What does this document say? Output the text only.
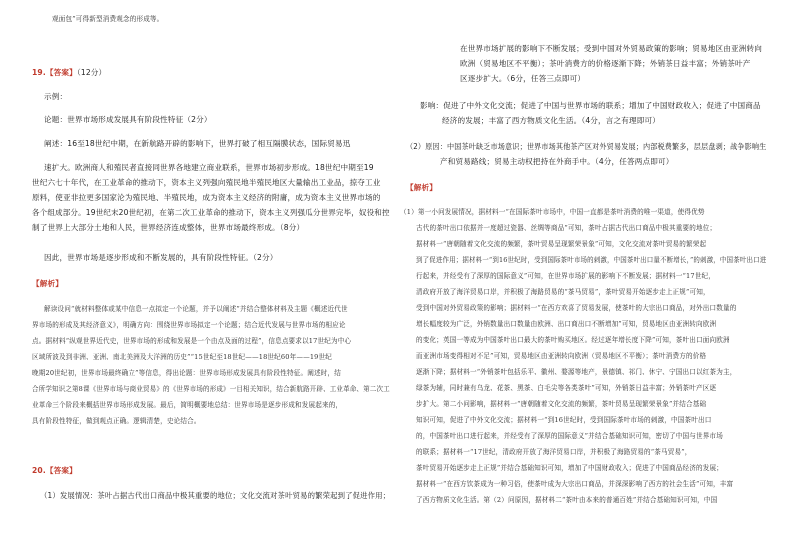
观面包”可得新型消费观念的形成等。
19.【答案】（12分）
示例：
论题：世界市场形成发展具有阶段性特征（2分）
阐述：16至18世纪中期，在新航路开辟的影响下，世界打破了相互隔膜状态，国际贸易迅
速扩大。欧洲商人和殖民者直接同世界各地建立商业联系，世界市场初步形成。18世纪中期至19
世纪六七十年代，在工业革命的推动下，资本主义列强向殖民地半殖民地区大量输出工业品，掠夺工业
原料，使亚非拉更多国家沦为殖民地、半殖民地，成为资本主义经济的附庸，成为资本主义世界市场的
各个组成部分。19世纪末20世纪初，在第二次工业革命的推动下，资本主义列强瓜分世界完毕，奴役和控
制了世界上大部分土地和人民，世界经济连成整体，世界市场最终形成。（8分）
因此，世界市场是逐步形成和不断发展的，具有阶段性特征。（2分）
【解析】
解读设问“就材料整体或某中信息一点拟定一个论题，并予以阐述”并结合整体材料及主题《概述近代世
界市场的形成及其经济意义》，明确方向：围绕世界市场拟定一个论题；结合近代发展与世界市场的相应论
点。据材料“纵观世界近代史，世界市场的形成和发展是一个由点及面的过程”，信息点要求以17世纪为中心
区域所波及到非洲、亚洲、南北美洲及大洋洲的历史”“15世纪至18世纪——18世纪60年——19世纪
晚期20世纪初，世界市场最终确立”等信息，得出论题：世界市场形成发展具有阶段性特征。阐述时，结
合所学知识之第8课《世界市场与商业贸易》的《世界市场的形成》一目相关知识，结合新航路开辟、工业革命、第二次工
业革命三个阶段来概括世界市场形成发展。最后，简明概要地总结：世界市场是逐步形成和发展起来的，
具有阶段性特征，做到观点正确。逻辑清楚，史论结合。
20.【答案】
（1）发展情况：茶叶占据古代出口商品中极其重要的地位；文化交流对茶叶贸易的繁荣起到了促进作用；
在世界市场扩展的影响下不断发展；受到中国对外贸易政策的影响；贸易地区由亚洲转向
欧洲（贸易地区不平衡）；茶叶消费方的价格逐渐下降；外销茶日益丰富；外销茶叶产
区逐步扩大。（6分，任答三点即可）
影响：促进了中外文化交流；促进了中国与世界市场的联系；增加了中国财政收入；促进了中国商品
经济的发展；丰富了西方物质文化生活。（4分，言之有理即可）
（2）原因：中国茶叶缺乏市场意识；世界市场其他茶产区对外贸易发展；内部税费繁多，层层盘剥；战争影响生
产和贸易路线；贸易主动权把持在外商手中。（4分，任答两点即可）
【解析】
（1）第一小问发展情况，据材料一“在国际茶叶市场中，中国一直都是茶叶消费的唯一渠道，使得优势
古代的茶叶出口依据并一度超过瓷器、丝绸等商品”可知，茶叶占据古代出口商品中极其重要的地位；
据材料一“唐朝随着文化交流的频繁，茶叶贸易呈现繁荣景象”可知，文化交流对茶叶贸易的繁荣起
到了促进作用；据材料一“到16世纪时，受到国际茶叶市场的刺激，中国茶叶出口量不断增长，”的刺激，中国茶叶出口进
行起来，并经受有了深厚的国际意义”可知，在世界市场扩展的影响下不断发展；据材料一“17世纪，
清政府开放了海洋贸易口岸，并积极了海路贸易的“茶马贸易”，茶叶贸易开始逐步走上正规”可知，
受到中国对外贸易政策的影响；据材料一“在西方欢喜了贸易发展，使茶叶的大宗出口商品，对外出口数量的
增长幅度较为广泛，外销数量出口数量由欧洲、出口商出口不断增加”可知，贸易地区由亚洲转向欧洲
的变化；英国一等成为中国茶叶出口最大的茶叶购买地区。经过逐年增长度下降”可知，茶叶出口面向欧洲
而亚洲市场变得相对不足”可知，贸易地区由亚洲转向欧洲（贸易地区不平衡）；茶叶消费方的价格
逐渐下降；据材料一“外销茶叶包括乐平、徽州、婺源等地产，景德镇、祁门、休宁、宁国出口以红茶为主，
绿茶为辅，同时兼有乌龙、花茶、黑茶、白毛尖等各类茶叶”可知，外销茶日益丰富；外销茶叶产区逐
步扩大。第二小问影响，据材料一“唐朝随着文化交流的频繁，茶叶贸易呈现繁荣景象”并结合基础
知识可知，促进了中外文化交流；据材料一“到16世纪时，受到国际茶叶市场的刺激，中国茶叶出口
的，中国茶叶出口进行起来，并经受有了深厚的国际意义”并结合基础知识可知，密切了中国与世界市场
的联系；据材料一“17世纪，清政府开放了海洋贸易口岸，并积极了海路贸易的“茶马贸易”，
茶叶贸易开始逐步走上正规”并结合基础知识可知，增加了中国财政收入；促进了中国商品经济的发展；
据材料一“在西方饮茶成为一种习俗，使茶叶成为大宗出口商品，并深深影响了西方的社会生活”可知，丰富
了西方物质文化生活。第（2）问原因，据材料二“茶叶由本来的普通百姓”并结合基础知识可知，中国
